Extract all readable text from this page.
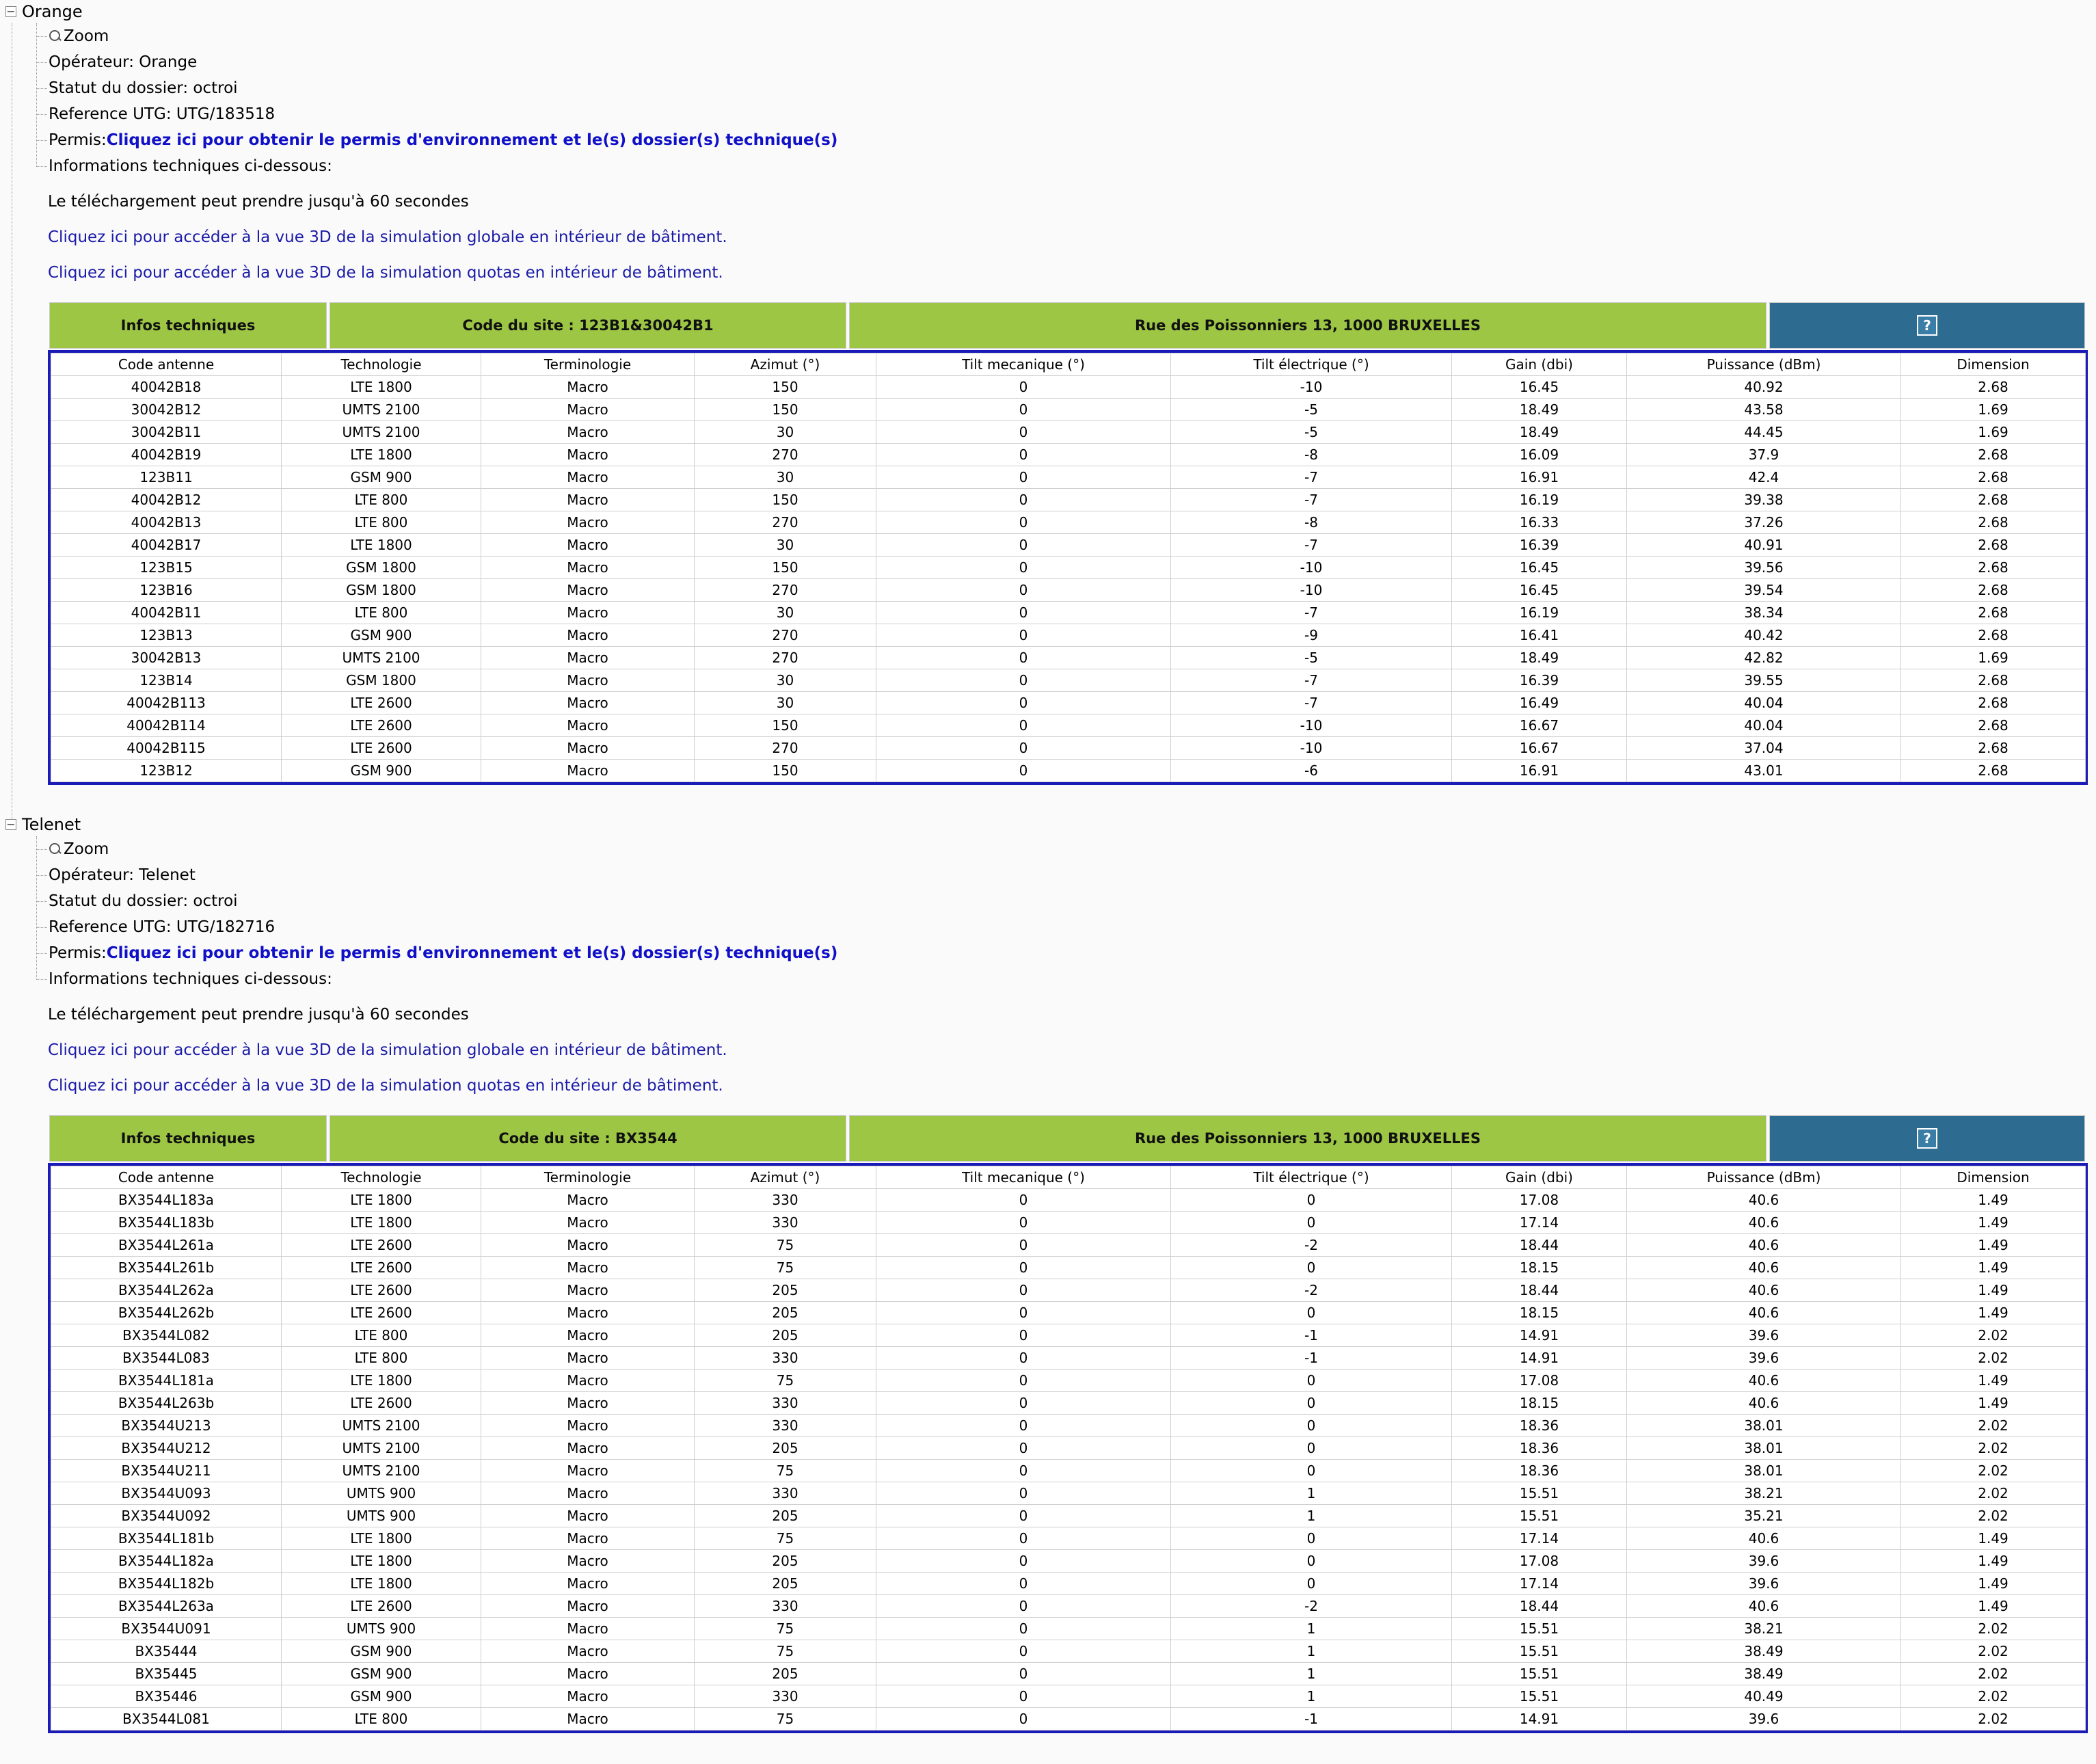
− Orange
Zoom
Opérateur: Orange
Statut du dossier: octroi
Reference UTG: UTG/183518
Permis: Cliquez ici pour obtenir le permis d'environnement et le(s) dossier(s) technique(s)
Informations techniques ci-dessous:
Le téléchargement peut prendre jusqu'à 60 secondes
Cliquez ici pour accéder à la vue 3D de la simulation globale en intérieur de bâtiment.
Cliquez ici pour accéder à la vue 3D de la simulation quotas en intérieur de bâtiment.
Infos techniques	Code du site : 123B1&30042B1	Rue des Poissonniers 13, 1000 BRUXELLES	?
Code antenne	Technologie	Terminologie	Azimut (°)	Tilt mecanique (°)	Tilt électrique (°)	Gain (dbi)	Puissance (dBm)	Dimension
40042B18	LTE 1800	Macro	150	0	-10	16.45	40.92	2.68
30042B12	UMTS 2100	Macro	150	0	-5	18.49	43.58	1.69
30042B11	UMTS 2100	Macro	30	0	-5	18.49	44.45	1.69
40042B19	LTE 1800	Macro	270	0	-8	16.09	37.9	2.68
123B11	GSM 900	Macro	30	0	-7	16.91	42.4	2.68
40042B12	LTE 800	Macro	150	0	-7	16.19	39.38	2.68
40042B13	LTE 800	Macro	270	0	-8	16.33	37.26	2.68
40042B17	LTE 1800	Macro	30	0	-7	16.39	40.91	2.68
123B15	GSM 1800	Macro	150	0	-10	16.45	39.56	2.68
123B16	GSM 1800	Macro	270	0	-10	16.45	39.54	2.68
40042B11	LTE 800	Macro	30	0	-7	16.19	38.34	2.68
123B13	GSM 900	Macro	270	0	-9	16.41	40.42	2.68
30042B13	UMTS 2100	Macro	270	0	-5	18.49	42.82	1.69
123B14	GSM 1800	Macro	30	0	-7	16.39	39.55	2.68
40042B113	LTE 2600	Macro	30	0	-7	16.49	40.04	2.68
40042B114	LTE 2600	Macro	150	0	-10	16.67	40.04	2.68
40042B115	LTE 2600	Macro	270	0	-10	16.67	37.04	2.68
123B12	GSM 900	Macro	150	0	-6	16.91	43.01	2.68
− Telenet
Zoom
Opérateur: Telenet
Statut du dossier: octroi
Reference UTG: UTG/182716
Permis: Cliquez ici pour obtenir le permis d'environnement et le(s) dossier(s) technique(s)
Informations techniques ci-dessous:
Le téléchargement peut prendre jusqu'à 60 secondes
Cliquez ici pour accéder à la vue 3D de la simulation globale en intérieur de bâtiment.
Cliquez ici pour accéder à la vue 3D de la simulation quotas en intérieur de bâtiment.
Infos techniques	Code du site : BX3544	Rue des Poissonniers 13, 1000 BRUXELLES	?
Code antenne	Technologie	Terminologie	Azimut (°)	Tilt mecanique (°)	Tilt électrique (°)	Gain (dbi)	Puissance (dBm)	Dimension
BX3544L183a	LTE 1800	Macro	330	0	0	17.08	40.6	1.49
BX3544L183b	LTE 1800	Macro	330	0	0	17.14	40.6	1.49
BX3544L261a	LTE 2600	Macro	75	0	-2	18.44	40.6	1.49
BX3544L261b	LTE 2600	Macro	75	0	0	18.15	40.6	1.49
BX3544L262a	LTE 2600	Macro	205	0	-2	18.44	40.6	1.49
BX3544L262b	LTE 2600	Macro	205	0	0	18.15	40.6	1.49
BX3544L082	LTE 800	Macro	205	0	-1	14.91	39.6	2.02
BX3544L083	LTE 800	Macro	330	0	-1	14.91	39.6	2.02
BX3544L181a	LTE 1800	Macro	75	0	0	17.08	40.6	1.49
BX3544L263b	LTE 2600	Macro	330	0	0	18.15	40.6	1.49
BX3544U213	UMTS 2100	Macro	330	0	0	18.36	38.01	2.02
BX3544U212	UMTS 2100	Macro	205	0	0	18.36	38.01	2.02
BX3544U211	UMTS 2100	Macro	75	0	0	18.36	38.01	2.02
BX3544U093	UMTS 900	Macro	330	0	1	15.51	38.21	2.02
BX3544U092	UMTS 900	Macro	205	0	1	15.51	35.21	2.02
BX3544L181b	LTE 1800	Macro	75	0	0	17.14	40.6	1.49
BX3544L182a	LTE 1800	Macro	205	0	0	17.08	39.6	1.49
BX3544L182b	LTE 1800	Macro	205	0	0	17.14	39.6	1.49
BX3544L263a	LTE 2600	Macro	330	0	-2	18.44	40.6	1.49
BX3544U091	UMTS 900	Macro	75	0	1	15.51	38.21	2.02
BX35444	GSM 900	Macro	75	0	1	15.51	38.49	2.02
BX35445	GSM 900	Macro	205	0	1	15.51	38.49	2.02
BX35446	GSM 900	Macro	330	0	1	15.51	40.49	2.02
BX3544L081	LTE 800	Macro	75	0	-1	14.91	39.6	2.02
